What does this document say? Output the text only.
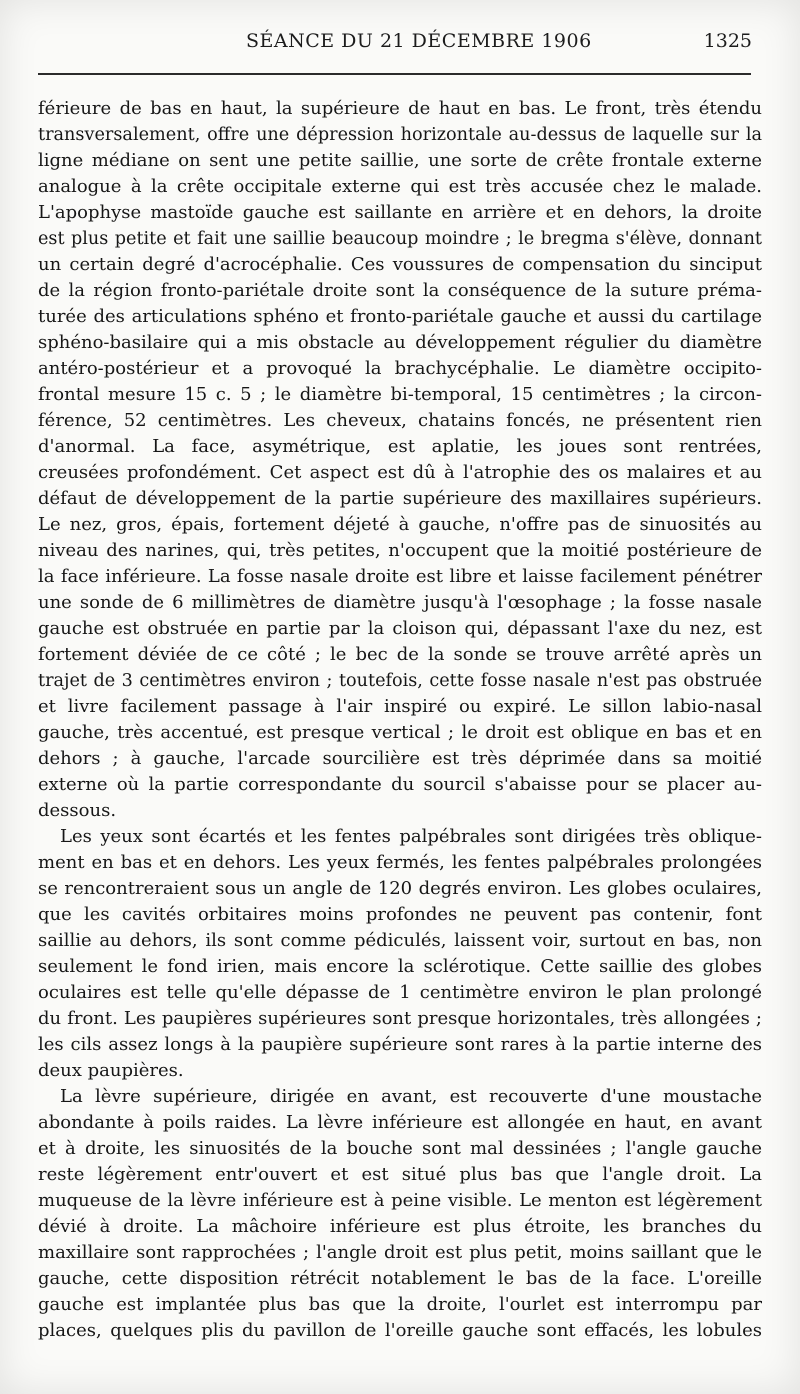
SÉANCE DU 21 DÉCEMBRE 1906	1325
férieure de bas en haut, la supérieure de haut en bas. Le front, très étendu
transversalement, offre une dépression horizontale au-dessus de laquelle sur la
ligne médiane on sent une petite saillie, une sorte de crête frontale externe
analogue à la crête occipitale externe qui est très accusée chez le malade.
L'apophyse mastoïde gauche est saillante en arrière et en dehors, la droite
est plus petite et fait une saillie beaucoup moindre ; le bregma s'élève, donnant
un certain degré d'acrocéphalie. Ces voussures de compensation du sinciput
de la région fronto-pariétale droite sont la conséquence de la suture préma-
turée des articulations sphéno et fronto-pariétale gauche et aussi du cartilage
sphéno-basilaire qui a mis obstacle au développement régulier du diamètre
antéro-postérieur et a provoqué la brachycéphalie. Le diamètre occipito-
frontal mesure 15 c. 5 ; le diamètre bi-temporal, 15 centimètres ; la circon-
férence, 52 centimètres. Les cheveux, chatains foncés, ne présentent rien
d'anormal. La face, asymétrique, est aplatie, les joues sont rentrées,
creusées profondément. Cet aspect est dû à l'atrophie des os malaires et au
défaut de développement de la partie supérieure des maxillaires supérieurs.
Le nez, gros, épais, fortement déjeté à gauche, n'offre pas de sinuosités au
niveau des narines, qui, très petites, n'occupent que la moitié postérieure de
la face inférieure. La fosse nasale droite est libre et laisse facilement pénétrer
une sonde de 6 millimètres de diamètre jusqu'à l'œsophage ; la fosse nasale
gauche est obstruée en partie par la cloison qui, dépassant l'axe du nez, est
fortement déviée de ce côté ; le bec de la sonde se trouve arrêté après un
trajet de 3 centimètres environ ; toutefois, cette fosse nasale n'est pas obstruée
et livre facilement passage à l'air inspiré ou expiré. Le sillon labio-nasal
gauche, très accentué, est presque vertical ; le droit est oblique en bas et en
dehors ; à gauche, l'arcade sourcilière est très déprimée dans sa moitié
externe où la partie correspondante du sourcil s'abaisse pour se placer au-
dessous.
Les yeux sont écartés et les fentes palpébrales sont dirigées très oblique-
ment en bas et en dehors. Les yeux fermés, les fentes palpébrales prolongées
se rencontreraient sous un angle de 120 degrés environ. Les globes oculaires,
que les cavités orbitaires moins profondes ne peuvent pas contenir, font
saillie au dehors, ils sont comme pédiculés, laissent voir, surtout en bas, non
seulement le fond irien, mais encore la sclérotique. Cette saillie des globes
oculaires est telle qu'elle dépasse de 1 centimètre environ le plan prolongé
du front. Les paupières supérieures sont presque horizontales, très allongées ;
les cils assez longs à la paupière supérieure sont rares à la partie interne des
deux paupières.
La lèvre supérieure, dirigée en avant, est recouverte d'une moustache
abondante à poils raides. La lèvre inférieure est allongée en haut, en avant
et à droite, les sinuosités de la bouche sont mal dessinées ; l'angle gauche
reste légèrement entr'ouvert et est situé plus bas que l'angle droit. La
muqueuse de la lèvre inférieure est à peine visible. Le menton est légèrement
dévié à droite. La mâchoire inférieure est plus étroite, les branches du
maxillaire sont rapprochées ; l'angle droit est plus petit, moins saillant que le
gauche, cette disposition rétrécit notablement le bas de la face. L'oreille
gauche est implantée plus bas que la droite, l'ourlet est interrompu par
places, quelques plis du pavillon de l'oreille gauche sont effacés, les lobules
